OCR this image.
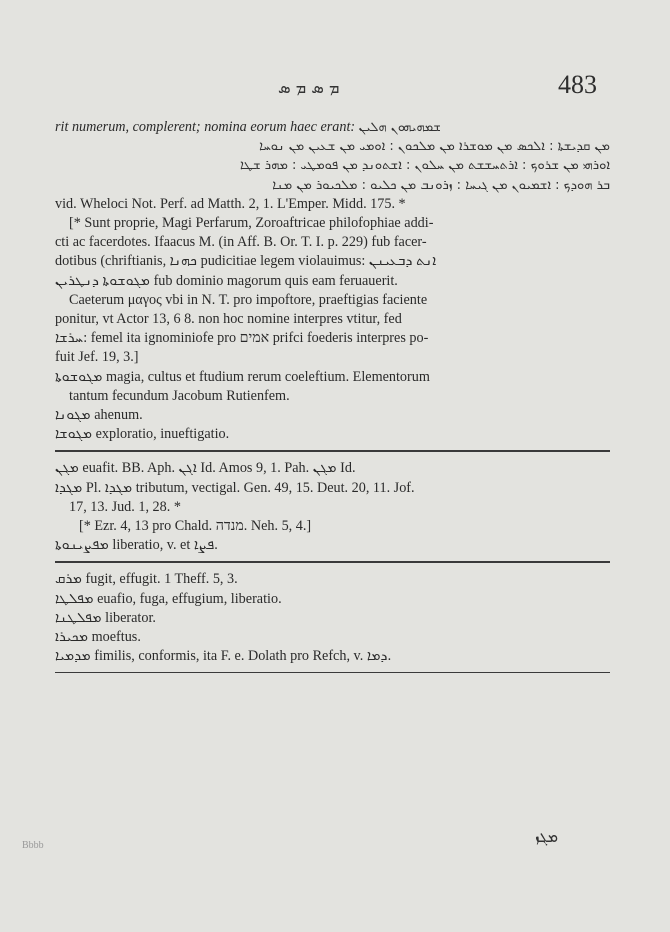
ܡ ܣ ܡ ܣ	483
rit numerum, complerent; nomina eorum haec erant: ܫܡܗܝܗܘܢ ܗܠܝܢ
ܡܢ ܩܕܝܫܬܐ : ܐܠܟܣ ܡܢ ܡܘܫܪܐ ܡܢ ܡܠܟܘܢ : ܐܘܡܝ ܡܢ ܫܥܝܢ ܡܢ ܢܘܚܐ
ܐܘܪܗܝ ܡܢ ܫܪܘܟ : ܐܪܬܚܫܫܬ ܡܢ ܚܠܘܢ : ܐܫܬܘܢܕ ܡܢ ܦܘܡܛܝ : ܡܗܪ ܫܛܐ
ܒܪ ܗܘܕܟ : ܐܫܡܝܘܢ ܡܢ ܓܝܚܐ : ܙܪܘܢܒ ܡܢ ܟܠܝܘ : ܡܠܟܝܘܪ ܡܢ ܡܢܐ
vid. Wheloci Not. Perf. ad Matth. 2, 1. L'Emper. Midd. 175. *
[* Sunt proprie, Magi Perfarum, Zoroaftricae philofophiae addi-
cti ac facerdotes. Ifaacus M. (in Aff. B. Or. T. I. p. 229) fub facer-
dotibus (chriftianis, ܟܗܢܐ pudicitiae legem violauimus: ܐܢܬ ܕܒܥܝܢܢ
ܡܓܘܫܘܬܐ ܕܢܛܪܝܢ fub dominio magorum quis eam feruauerit.
Caeterum μαγος vbi in N. T. pro impoftore, praeftigias faciente
ponitur, vt Actor 13, 6 8. non hoc nomine interpres vtitur, fed
ܚܪܫܐ: femel ita ignominiofe pro אמים prifci foederis interpres po-
fuit Jef. 19, 3.]
ܡܓܘܫܘܬܐ magia, cultus et ftudium rerum coeleftium. Elementorum
tantum fecundum Jacobum Rutienfem.
ܡܓܘܢܐ ahenum.
ܡܓܘܫܐ exploratio, inueftigatio.
ܡܓܢ euafit. BB. Aph. ܐܓܢ Id. Amos 9, 1. Pah. ܡܓܢ Id.
ܡܓܕܐ Pl. ܡܓܕܐ tributum, vectigal. Gen. 49, 15. Deut. 20, 11. Jof.
17, 13. Jud. 1, 28. *
[* Ezr. 4, 13 pro Chald. מנדה. Neh. 5, 4.]
ܡܦܨܝܢܘܬܐ liberatio, v. et ܦܨܐ.
ܡܪܩ fugit, effugit. 1 Theff. 5, 3.
ܡܦܠܛܐ euafio, fuga, effugium, liberatio.
ܡܦܠܛܢܐ liberator.
ܡܟܝܪܐ moeftus.
ܡܕܡܝܐ fimilis, conformis, ita F. e. Dolath pro Refch, v. ܕܡܐ.
ܡܓܙ
Bbbb
